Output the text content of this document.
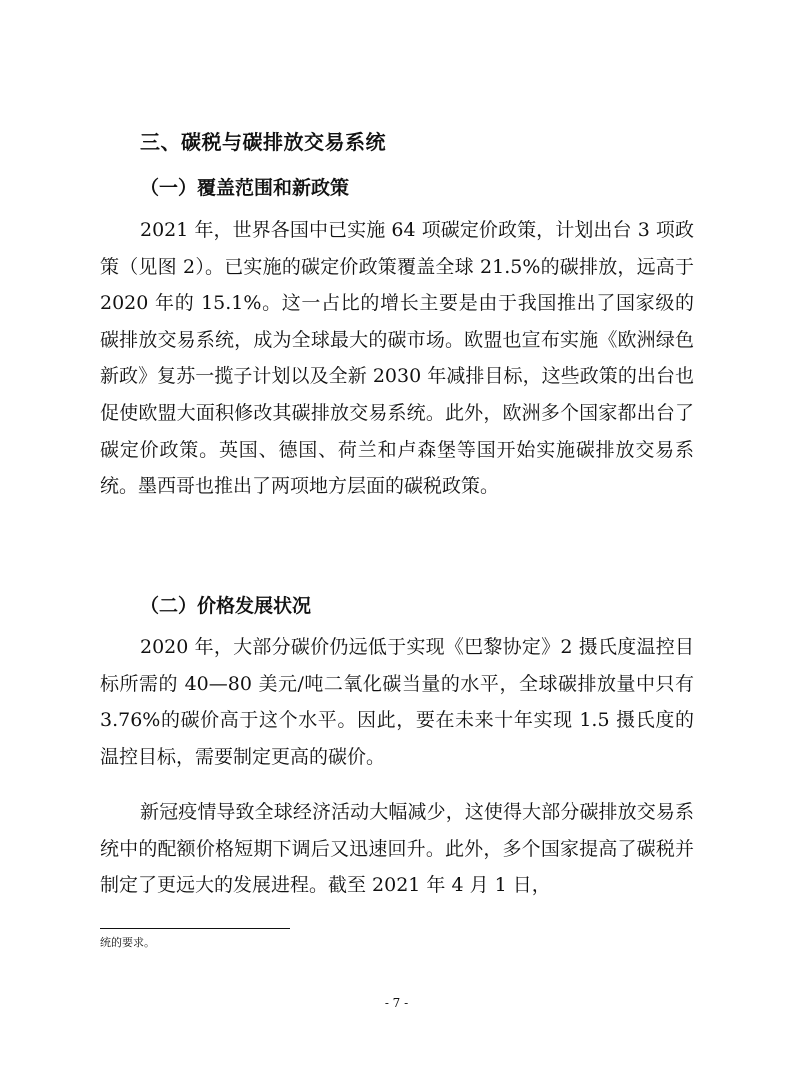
三、碳税与碳排放交易系统
（一）覆盖范围和新政策

2021 年，世界各国中已实施 64 项碳定价政策，计划出台 3 项政策（见图 2）。已实施的碳定价政策覆盖全球 21.5%的碳排放，远高于 2020 年的 15.1%。这一占比的增长主要是由于我国推出了国家级的碳排放交易系统，成为全球最大的碳市场。欧盟也宣布实施《欧洲绿色新政》复苏一揽子计划以及全新 2030 年减排目标，这些政策的出台也促使欧盟大面积修改其碳排放交易系统。此外，欧洲多个国家都出台了碳定价政策。英国、德国、荷兰和卢森堡等国开始实施碳排放交易系统。墨西哥也推出了两项地方层面的碳税政策。

（二）价格发展状况

2020 年，大部分碳价仍远低于实现《巴黎协定》2 摄氏度温控目标所需的 40—80 美元/吨二氧化碳当量的水平，全球碳排放量中只有 3.76%的碳价高于这个水平。因此，要在未来十年实现 1.5 摄氏度的温控目标，需要制定更高的碳价。

新冠疫情导致全球经济活动大幅减少，这使得大部分碳排放交易系统中的配额价格短期下调后又迅速回升。此外，多个国家提高了碳税并制定了更远大的发展进程。截至 2021 年 4 月 1 日，

统的要求。

- 7 -
